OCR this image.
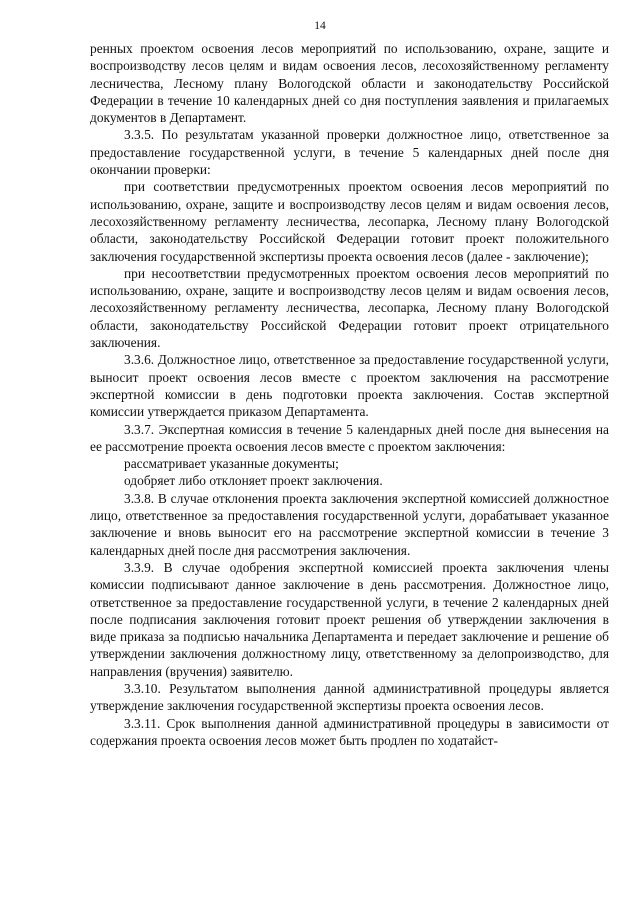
14

ренных проектом освоения лесов мероприятий по использованию, охране, защите и воспроизводству лесов целям и видам освоения лесов, лесохозяйственному регламенту лесничества, Лесному плану Вологодской области и законодательству Российской Федерации в течение 10 календарных дней со дня поступления заявления и прилагаемых документов в Департамент.

3.3.5. По результатам указанной проверки должностное лицо, ответственное за предоставление государственной услуги, в течение 5 календарных дней после дня окончании проверки:

при соответствии предусмотренных проектом освоения лесов мероприятий по использованию, охране, защите и воспроизводству лесов целям и видам освоения лесов, лесохозяйственному регламенту лесничества, лесопарка, Лесному плану Вологодской области, законодательству Российской Федерации готовит проект положительного заключения государственной экспертизы проекта освоения лесов (далее - заключение);

при несоответствии предусмотренных проектом освоения лесов мероприятий по использованию, охране, защите и воспроизводству лесов целям и видам освоения лесов, лесохозяйственному регламенту лесничества, лесопарка, Лесному плану Вологодской области, законодательству Российской Федерации готовит проект отрицательного заключения.

3.3.6. Должностное лицо, ответственное за предоставление государственной услуги, выносит проект освоения лесов вместе с проектом заключения на рассмотрение экспертной комиссии в день подготовки проекта заключения. Состав экспертной комиссии утверждается приказом Департамента.

3.3.7. Экспертная комиссия в течение 5 календарных дней после дня вынесения на ее рассмотрение проекта освоения лесов вместе с проектом заключения:

рассматривает указанные документы;

одобряет либо отклоняет проект заключения.

3.3.8. В случае отклонения проекта заключения экспертной комиссией должностное лицо, ответственное за предоставления государственной услуги, дорабатывает указанное заключение и вновь выносит его на рассмотрение экспертной комиссии в течение 3 календарных дней после дня рассмотрения заключения.

3.3.9. В случае одобрения экспертной комиссией проекта заключения члены комиссии подписывают данное заключение в день рассмотрения. Должностное лицо, ответственное за предоставление государственной услуги, в течение 2 календарных дней после подписания заключения готовит проект решения об утверждении заключения в виде приказа за подписью начальника Департамента и передает заключение и решение об утверждении заключения должностному лицу, ответственному за делопроизводство, для направления (вручения) заявителю.

3.3.10. Результатом выполнения данной административной процедуры является утверждение заключения государственной экспертизы проекта освоения лесов.

3.3.11. Срок выполнения данной административной процедуры в зависимости от содержания проекта освоения лесов может быть продлен по ходатайст-
